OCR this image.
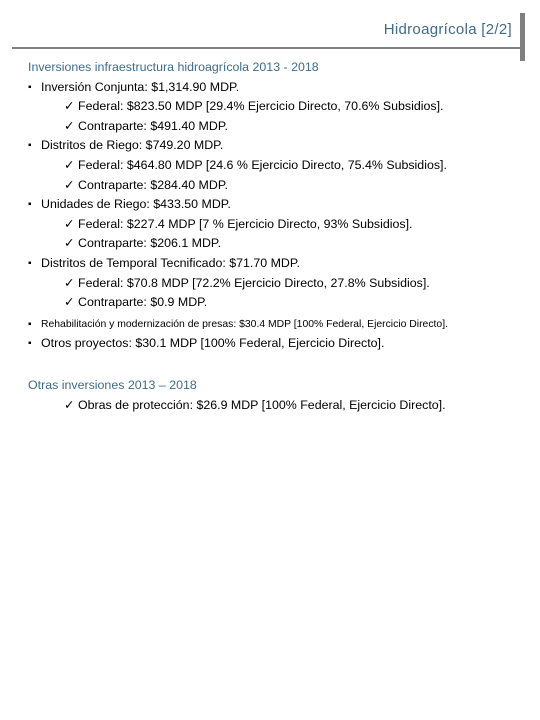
Hidroagrícola [2/2]
Inversiones infraestructura hidroagrícola 2013 - 2018
▪ Inversión Conjunta: $1,314.90 MDP.
✓ Federal: $823.50 MDP [29.4% Ejercicio Directo, 70.6% Subsidios].
✓ Contraparte: $491.40 MDP.
▪ Distritos de Riego: $749.20 MDP.
✓ Federal: $464.80 MDP [24.6 % Ejercicio Directo, 75.4% Subsidios].
✓ Contraparte: $284.40 MDP.
▪ Unidades de Riego: $433.50 MDP.
✓ Federal: $227.4 MDP [7 % Ejercicio Directo, 93% Subsidios].
✓ Contraparte: $206.1 MDP.
▪ Distritos de Temporal Tecnificado: $71.70 MDP.
✓ Federal: $70.8 MDP [72.2% Ejercicio Directo, 27.8% Subsidios].
✓ Contraparte: $0.9 MDP.
▪ Rehabilitación y modernización de presas: $30.4 MDP [100% Federal, Ejercicio Directo].
▪ Otros proyectos: $30.1 MDP [100% Federal, Ejercicio Directo].
Otras inversiones 2013 – 2018
✓ Obras de protección: $26.9 MDP [100% Federal, Ejercicio Directo].
